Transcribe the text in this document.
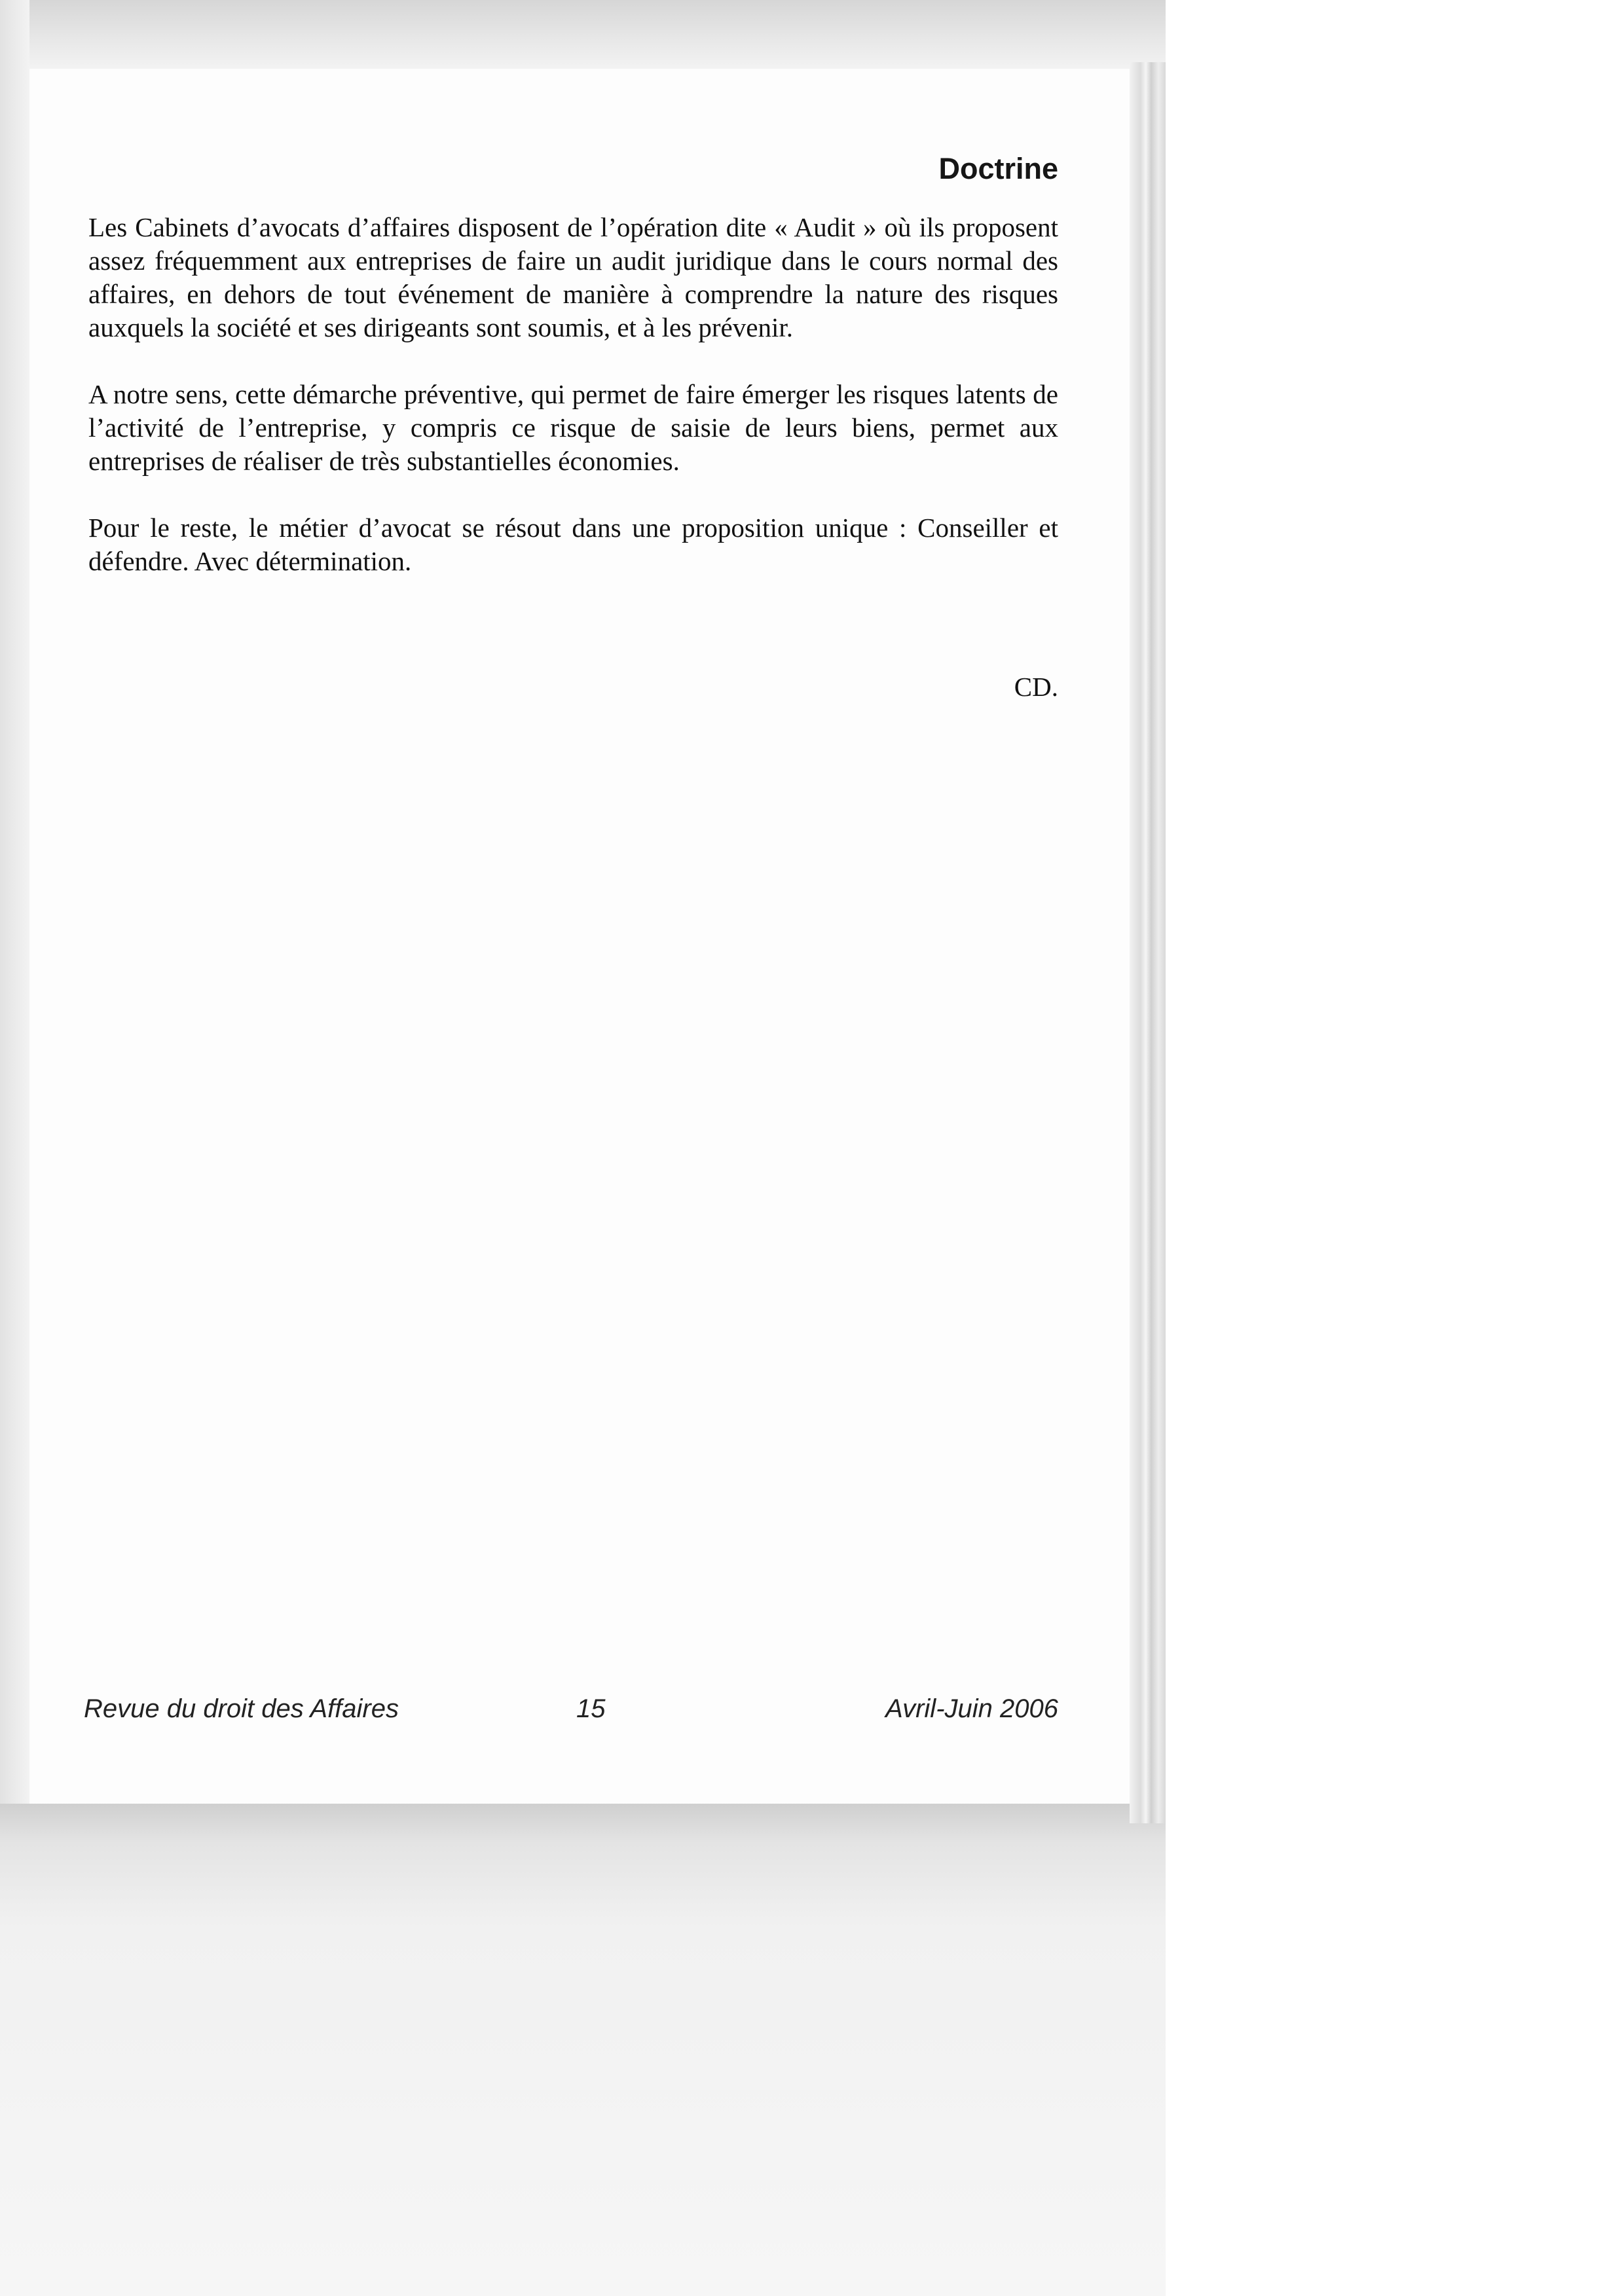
Doctrine

Les Cabinets d’avocats d’affaires disposent de l’opération dite « Audit » où ils proposent assez fréquemment aux entreprises de faire un audit juridique dans le cours normal des affaires, en dehors de tout événement de manière à comprendre la nature des risques auxquels la société et ses dirigeants sont soumis, et à les prévenir.

A notre sens, cette démarche préventive, qui permet de faire émerger les risques latents de l’activité de l’entreprise, y compris ce risque de saisie de leurs biens, permet aux entreprises de réaliser de très substantielles économies.

Pour le reste, le métier d’avocat se résout dans une proposition unique : Conseiller et défendre. Avec détermination.

CD.
Revue du droit des Affaires	15	Avril-Juin 2006
